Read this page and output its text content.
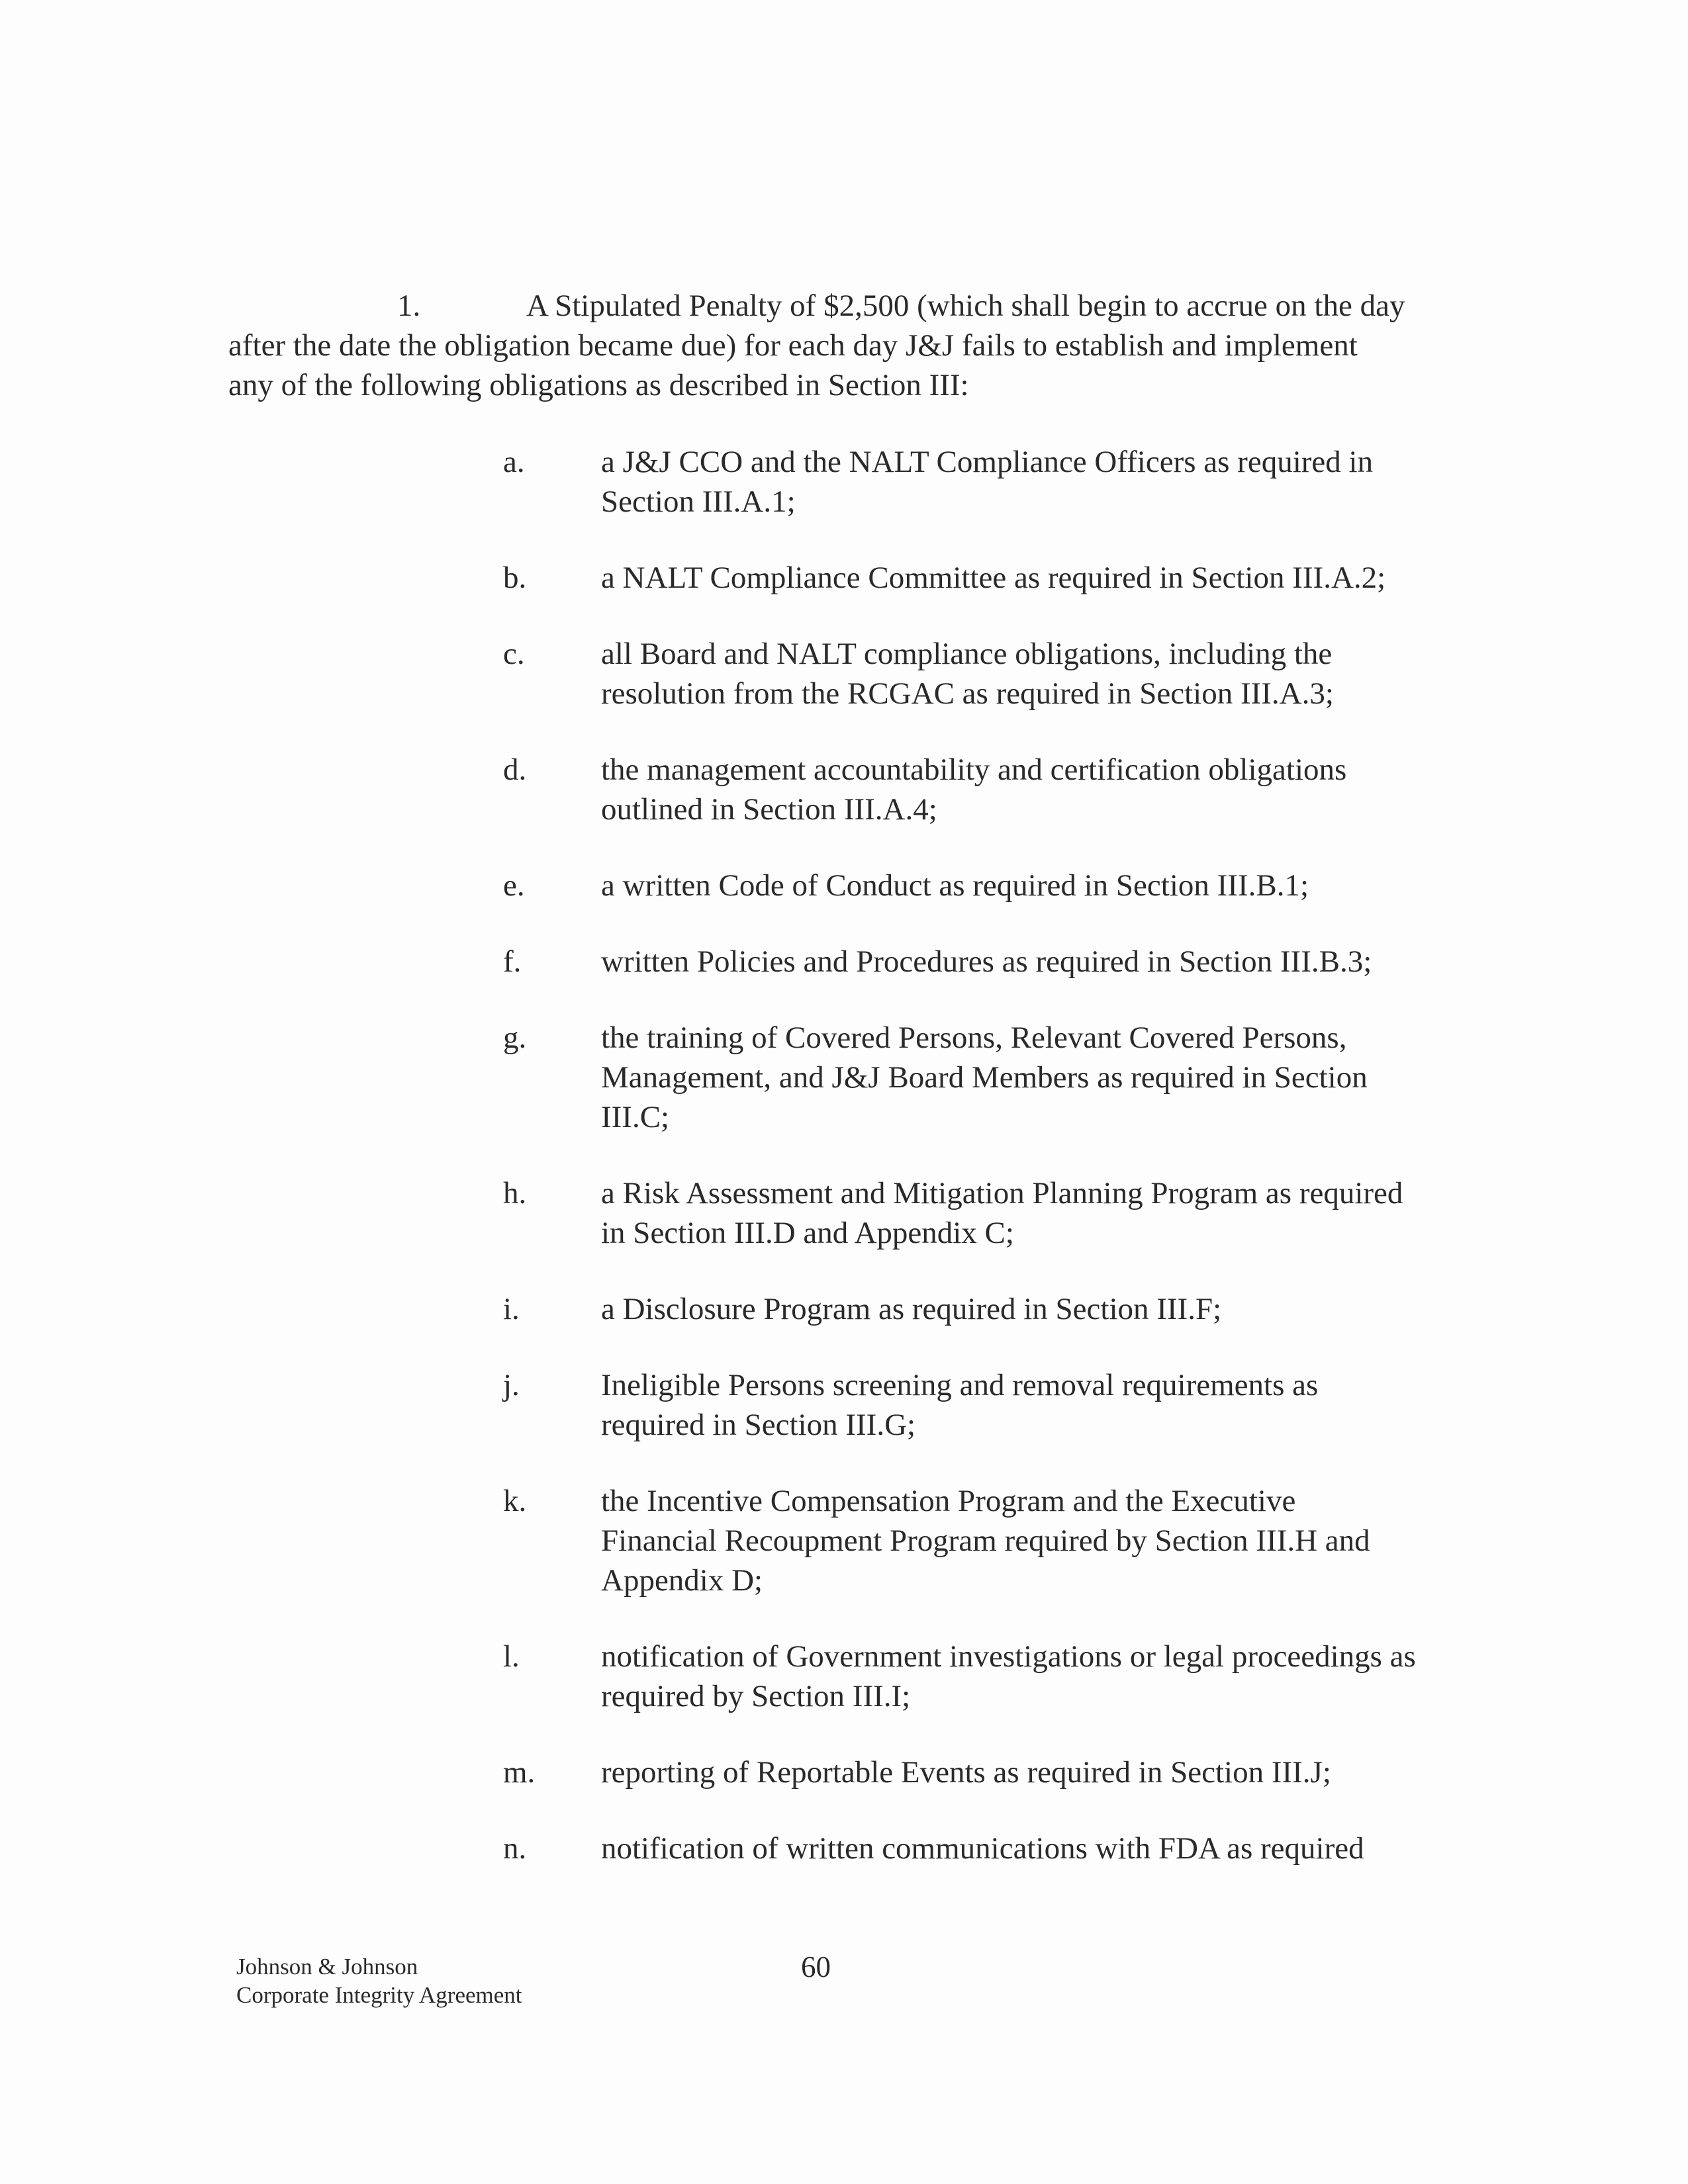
1.	A Stipulated Penalty of $2,500 (which shall begin to accrue on the day after the date the obligation became due) for each day J&J fails to establish and implement any of the following obligations as described in Section III:

a.	a J&J CCO and the NALT Compliance Officers as required in Section III.A.1;
b.	a NALT Compliance Committee as required in Section III.A.2;
c.	all Board and NALT compliance obligations, including the resolution from the RCGAC as required in Section III.A.3;
d.	the management accountability and certification obligations outlined in Section III.A.4;
e.	a written Code of Conduct as required in Section III.B.1;
f.	written Policies and Procedures as required in Section III.B.3;
g.	the training of Covered Persons, Relevant Covered Persons, Management, and J&J Board Members as required in Section III.C;
h.	a Risk Assessment and Mitigation Planning Program as required in Section III.D and Appendix C;
i.	a Disclosure Program as required in Section III.F;
j.	Ineligible Persons screening and removal requirements as required in Section III.G;
k.	the Incentive Compensation Program and the Executive Financial Recoupment Program required by Section III.H and Appendix D;
l.	notification of Government investigations or legal proceedings as required by Section III.I;
m.	reporting of Reportable Events as required in Section III.J;
n.	notification of written communications with FDA as required
Johnson & Johnson
Corporate Integrity Agreement
60
